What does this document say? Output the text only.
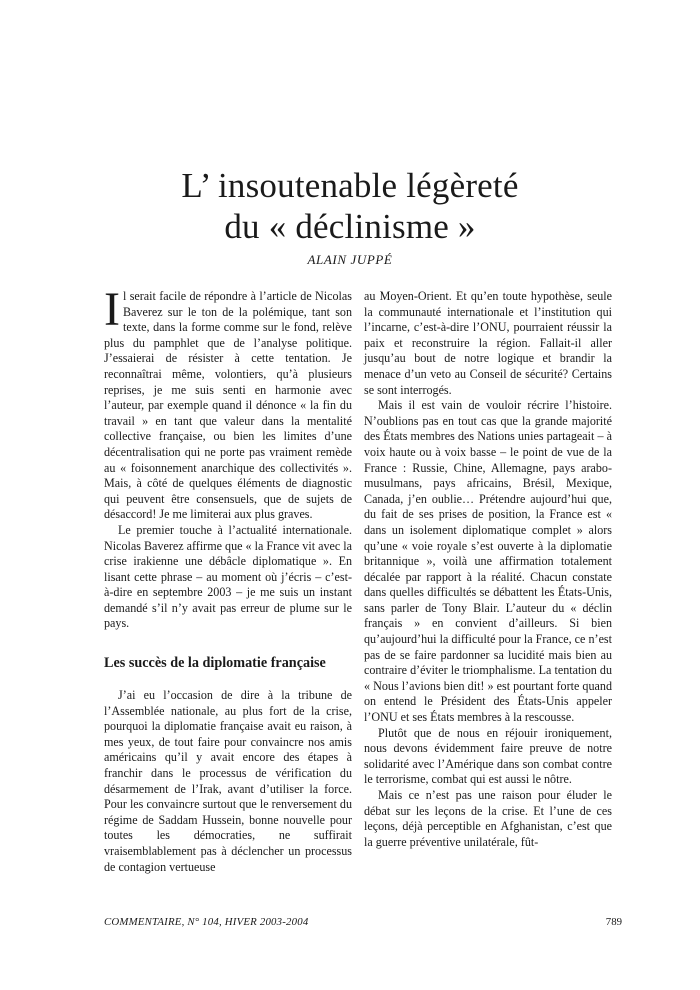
L’ insoutenable légèreté
du « déclinisme »
ALAIN JUPPÉ

Il serait facile de répondre à l’article de Nicolas Baverez sur le ton de la polémique, tant son texte, dans la forme comme sur le fond, relève plus du pamphlet que de l’analyse politique. J’essaierai de résister à cette tentation. Je reconnaîtrai même, volontiers, qu’à plusieurs reprises, je me suis senti en harmonie avec l’auteur, par exemple quand il dénonce « la fin du travail » en tant que valeur dans la mentalité collective française, ou bien les limites d’une décentralisation qui ne porte pas vraiment remède au « foisonnement anarchique des collectivités ». Mais, à côté de quelques éléments de diagnostic qui peuvent être consensuels, que de sujets de désaccord! Je me limiterai aux plus graves.

Le premier touche à l’actualité internationale. Nicolas Baverez affirme que « la France vit avec la crise irakienne une débâcle diplomatique ». En lisant cette phrase – au moment où j’écris – c’est-à-dire en septembre 2003 – je me suis un instant demandé s’il n’y avait pas erreur de plume sur le pays.

Les succès de la diplomatie française

J’ai eu l’occasion de dire à la tribune de l’Assemblée nationale, au plus fort de la crise, pourquoi la diplomatie française avait eu raison, à mes yeux, de tout faire pour convaincre nos amis américains qu’il y avait encore des étapes à franchir dans le processus de vérification du désarmement de l’Irak, avant d’utiliser la force. Pour les convaincre surtout que le renversement du régime de Saddam Hussein, bonne nouvelle pour toutes les démocraties, ne suffirait vraisemblablement pas à déclencher un processus de contagion vertueuse

au Moyen-Orient. Et qu’en toute hypothèse, seule la communauté internationale et l’institution qui l’incarne, c’est-à-dire l’ONU, pourraient réussir la paix et reconstruire la région. Fallait-il aller jusqu’au bout de notre logique et brandir la menace d’un veto au Conseil de sécurité? Certains se sont interrogés.

Mais il est vain de vouloir récrire l’histoire. N’oublions pas en tout cas que la grande majorité des États membres des Nations unies partageait – à voix haute ou à voix basse – le point de vue de la France : Russie, Chine, Allemagne, pays arabo-musulmans, pays africains, Brésil, Mexique, Canada, j’en oublie… Prétendre aujourd’hui que, du fait de ses prises de position, la France est « dans un isolement diplomatique complet » alors qu’une « voie royale s’est ouverte à la diplomatie britannique », voilà une affirmation totalement décalée par rapport à la réalité. Chacun constate dans quelles difficultés se débattent les États-Unis, sans parler de Tony Blair. L’auteur du « déclin français » en convient d’ailleurs. Si bien qu’aujourd’hui la difficulté pour la France, ce n’est pas de se faire pardonner sa lucidité mais bien au contraire d’éviter le triomphalisme. La tentation du « Nous l’avions bien dit! » est pourtant forte quand on entend le Président des États-Unis appeler l’ONU et ses États membres à la rescousse.

Plutôt que de nous en réjouir ironiquement, nous devons évidemment faire preuve de notre solidarité avec l’Amérique dans son combat contre le terrorisme, combat qui est aussi le nôtre.

Mais ce n’est pas une raison pour éluder le débat sur les leçons de la crise. Et l’une de ces leçons, déjà perceptible en Afghanistan, c’est que la guerre préventive unilatérale, fût-

COMMENTAIRE, N° 104, HIVER 2003-2004	789
